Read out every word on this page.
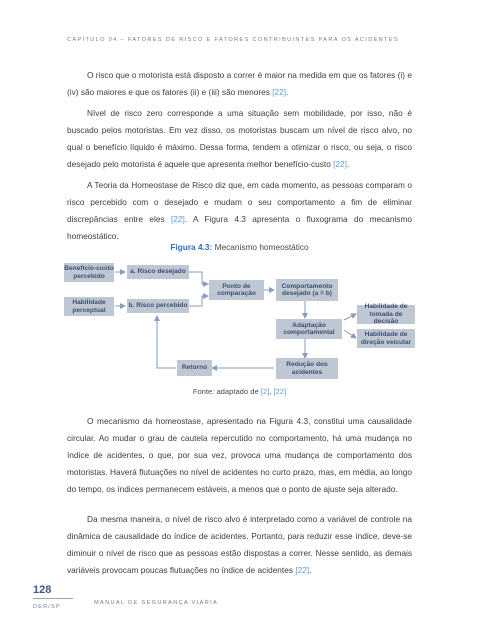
CAPÍTULO 04 – FATORES DE RISCO E FATORES CONTRIBUINTES PARA OS ACIDENTES

O risco que o motorista está disposto a correr é maior na medida em que os fatores (i) e (iv) são maiores e que os fatores (ii) e (iii) são menores [22].

Nível de risco zero corresponde a uma situação sem mobilidade, por isso, não é buscado pelos motoristas. Em vez disso, os motoristas buscam um nível de risco alvo, no qual o benefício líquido é máximo. Dessa forma, tendem a otimizar o risco, ou seja, o risco desejado pelo motorista é aquele que apresenta melhor benefício-custo [22].

A Teoria da Homeostase de Risco diz que, em cada momento, as pessoas comparam o risco percebido com o desejado e mudam o seu comportamento a fim de eliminar discrepâncias entre eles [22]. A Figura 4.3 apresenta o fluxograma do mecanismo homeostático.

Figura 4.3: Mecanismo homeostático
Benefício-custo percebido
a. Risco desejado
Habilidade perceptual
b. Risco percebido
Ponto de comparação
Comportamento desejado (a = b)
Adaptação comportamental
Habilidade de tomada de decisão
Habilidade de direção veicular
Retorno	Redução dos acidentes
Fonte: adaptado de [2], [22]

O mecanismo da homeostase, apresentado na Figura 4.3, constitui uma causalidade circular. Ao mudar o grau de cautela repercutido no comportamento, há uma mudança no índice de acidentes, o que, por sua vez, provoca uma mudança de comportamento dos motoristas. Haverá flutuações no nível de acidentes no curto prazo, mas, em média, ao longo do tempo, os índices permanecem estáveis, a menos que o ponto de ajuste seja alterado.

Da mesma maneira, o nível de risco alvo é interpretado como a variável de controle na dinâmica de causalidade do índice de acidentes. Portanto, para reduzir esse índice, deve-se diminuir o nível de risco que as pessoas estão dispostas a correr. Nesse sentido, as demais variáveis provocam poucas flutuações no índice de acidentes [22].

128
DER/SP
MANUAL DE SEGURANÇA VIÁRIA
